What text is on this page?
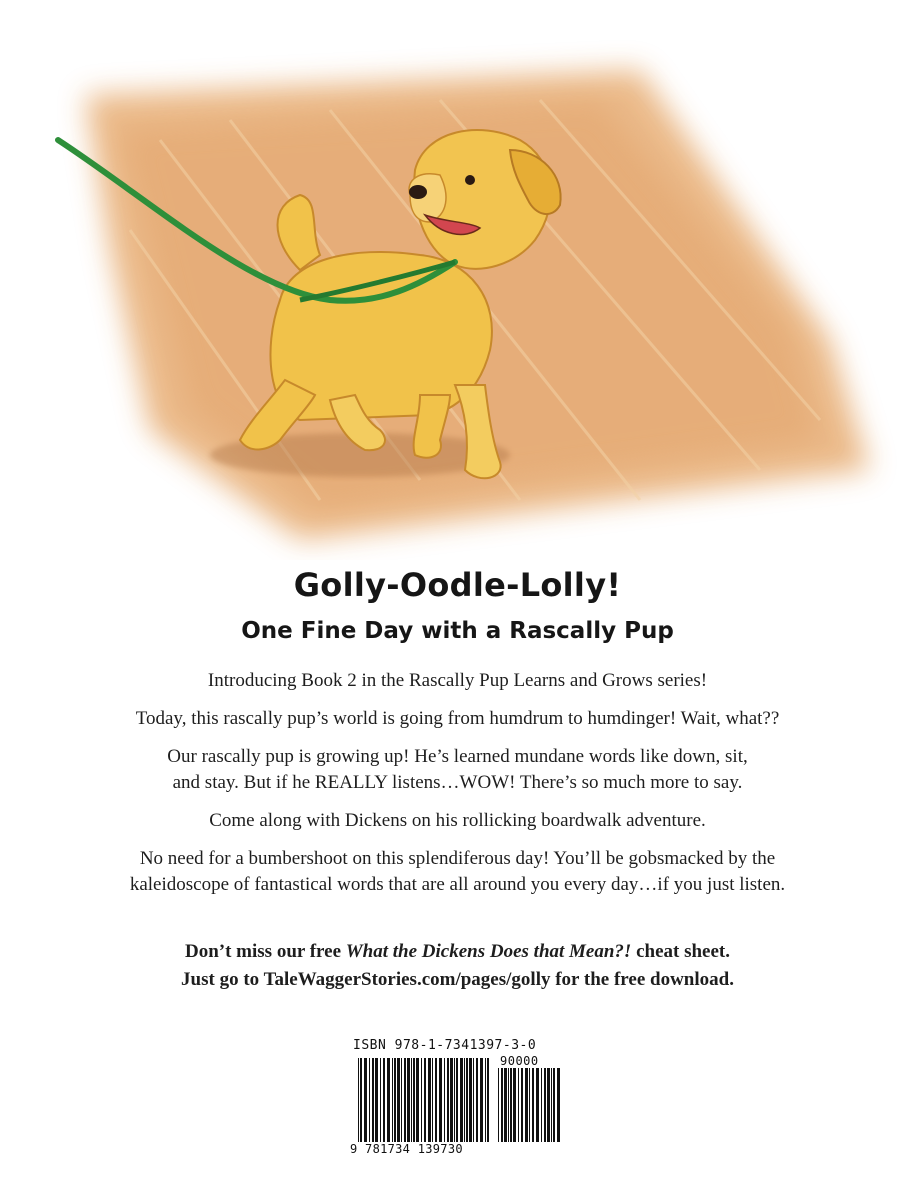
Golly-Oodle-Lolly!
One Fine Day with a Rascally Pup

Introducing Book 2 in the Rascally Pup Learns and Grows series!

Today, this rascally pup’s world is going from humdrum to humdinger! Wait, what??

Our rascally pup is growing up! He’s learned mundane words like down, sit,
and stay. But if he REALLY listens…WOW! There’s so much more to say.

Come along with Dickens on his rollicking boardwalk adventure.

No need for a bumbershoot on this splendiferous day! You’ll be gobsmacked by the
kaleidoscope of fantastical words that are all around you every day…if you just listen.

Don’t miss our free What the Dickens Does that Mean?! cheat sheet.

Just go to TaleWaggerStories.com/pages/golly for the free download.

ISBN 978-1-7341397-3-0
90000
9 781734 139730
